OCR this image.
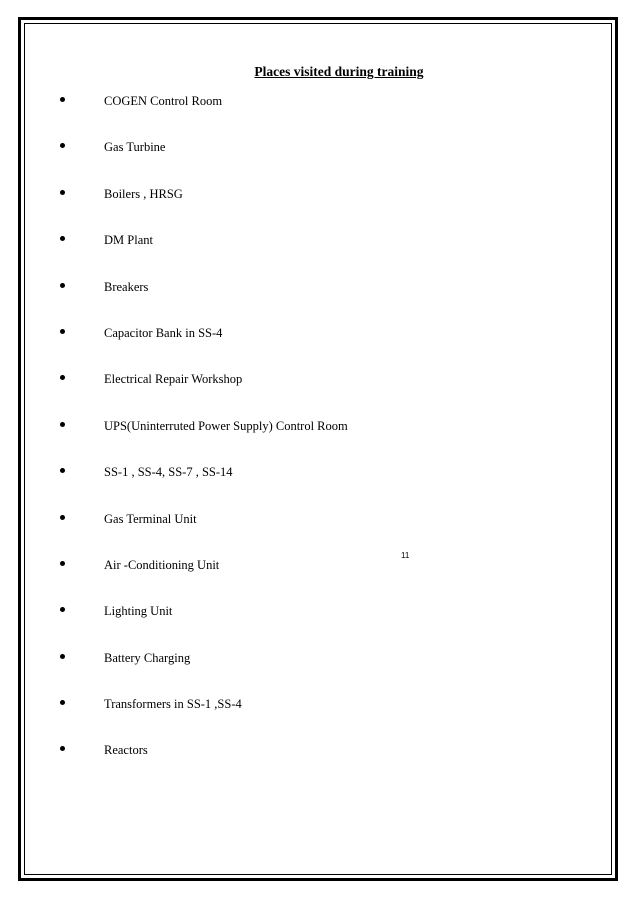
Places visited during training
COGEN Control Room
Gas Turbine
Boilers , HRSG
DM Plant
Breakers
Capacitor Bank in SS-4
Electrical Repair Workshop
UPS(Uninterruted Power Supply) Control Room
SS-1 , SS-4, SS-7 , SS-14
Gas Terminal Unit
Air -Conditioning Unit
Lighting Unit
Battery Charging
Transformers in SS-1 ,SS-4
Reactors
11
